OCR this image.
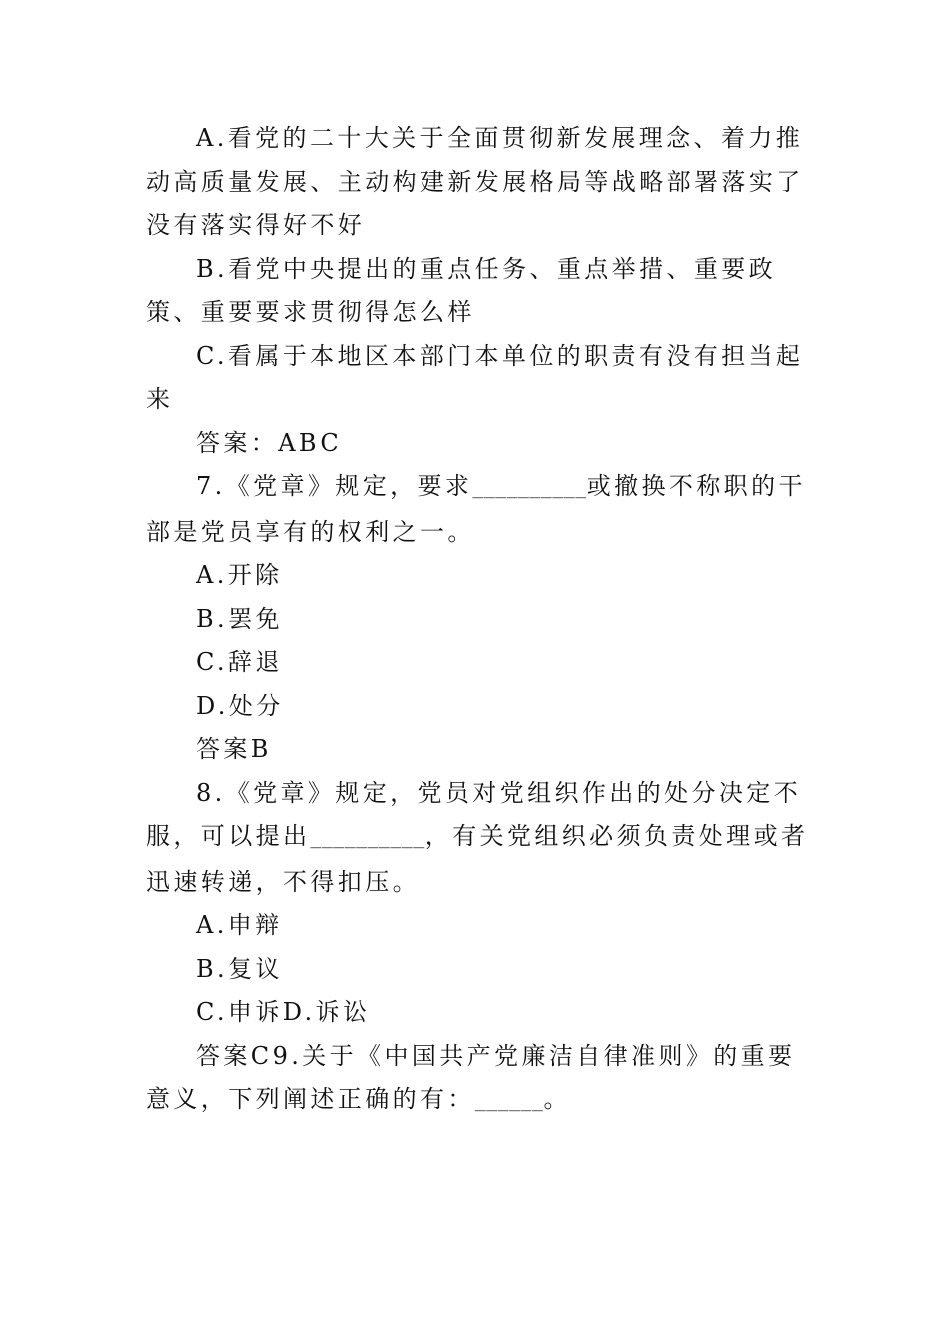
A.看党的二十大关于全面贯彻新发展理念、着力推动高质量发展、主动构建新发展格局等战略部署落实了没有落实得好不好

B.看党中央提出的重点任务、重点举措、重要政策、重要要求贯彻得怎么样

C.看属于本地区本部门本单位的职责有没有担当起来

答案：ABC

7.《党章》规定，要求__________或撤换不称职的干部是党员享有的权利之一。

A.开除

B.罢免

C.辞退

D.处分

答案B

8.《党章》规定，党员对党组织作出的处分决定不服，可以提出__________，有关党组织必须负责处理或者迅速转递，不得扣压。

A.申辩

B.复议

C.申诉D.诉讼

答案C9.关于《中国共产党廉洁自律准则》的重要意义，下列阐述正确的有：______。
